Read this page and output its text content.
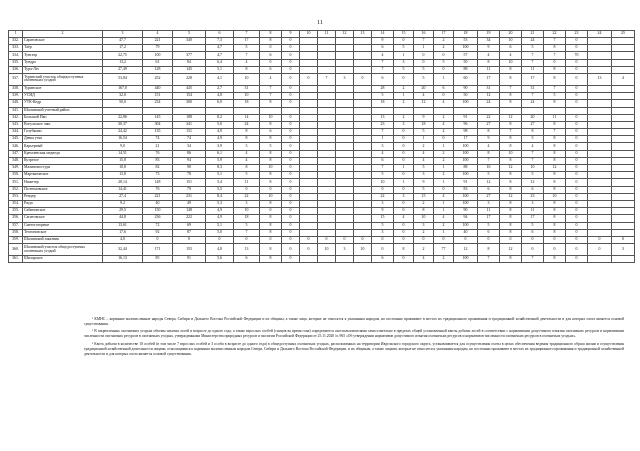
11
1	2	3	4	5	6	7	8	9	10	11	12	13	14	15	16	17	18	19	20	21	22	23	24	25
332.	Саратовское	47,7	221	340	7,3	17	8	0					9	0	7	2	53	34	10	24	7	0		
333.	Таёр	17,2	79		4,7	5	0	0					6	5	1	2	100	9	6	5	8	0		
334.	Тунгатр	22,75	100	377	4,7	7	6	0					4	1	0	0	57	4	4	7	7	70		
335.	Тундра	13,2	61	84	6,4	4	0	0					7	3	0	5	50	8	10	7	0	0		
336.	Тура-Лес	27,49	128	145	5,1	8	6	0					7	5	5	0	88	11	8	11	8	0		
337.	Туринский участок общедоступных охотничьих угодий	53,84	252	228	4,1	10	4	0	0	7	3	0	6	0	5	1	60	17	8	17	8	0	13	4
338.	Туринское	167,0	440	445	2,7	31	7	0					28	2	20	6	90	31	7	31	7	0		
339.	УСНД	32,0	151	154	4,8	10	7	0					5	1	4	0	50	12	8	7	5	0		
340.	УТК-Кедр	50,0	234	300	6,0	18	8	0					18	2	12	4	100	24	8	24	8	0		
341.	Шалинский учетный район																							
342.	Большой Пап	22,86	145	188	8,2	14	10	0					13	2	9	2	91	22	12	20	11	0		
343.	Вогульское чаш	30,37	304	341	5,0	24	8	0					23	3	18	4	96	27	8	27	8	0		
344.	Голубкино	24,42	135	131	4,9	8	6	0					7	0	5	2	98	8	7	8	7	0		
345.	Девка утка	16,54	74	74	4,9	8	8	0					1	0	1	0	17	9	8	5	8	0		
346.	Карьерный	9,0	21	34	3,9	3	5	0					3	0	2	1	100	4	8	4	8	0		
347.	Кремлевская медведя	14,51	76	86	6,1	4	8	0					4	0	4	2	100	8	10	7	8	0		
348.	Кузрезое	15,8	83	94	5,9	4	8	0					6	0	4	2	100	7	8	7	8	0		
349.	Малиновостура	10,8	82	90	8,3	8	10	0					7	1	5	1	88	10	12	10	12	0		
350.	Мартыновское	13,8	73	78	5,1	5	8	0					5	0	3	2	100	5	8	5	8	0		
351.	Нижетер	28,14	148	151	5,4	11	8	0					10	1	9	1	91	12	8	12	8	0		
352.	Полтомовское	14,41	76	79	5,5	0	0	0					0	0	5	0	83	6	8	6	8	0		
353.	Рендер	27,4	221	231	8,4	22	10	0					22	3	15	4	100	27	12	23	10	0		
354.	Ржда	9,2	40	49	5,3	3	8	0					3	0	2	1	100	3	8	3	8	0		
355.	Сабиновское	29,5	150	148	4,9	10	0	0					9	0	8	1	90	11	8	11	8	0		
356.	Сагитовское	44,8	236	222	4,9	18	8	0					15	4	10	4	94	17	8	17	8	0		
357.	Сметоготорние	13,61	72	69	5,1	5	8	0					5	0	3	2	100	5	8	5	8	0		
358.	Техтоновское	17,6	92	87	5,0	7	8	0					3	0	2	1	40	6	8	6	8	0		
359.	Шалинский заказник	4,0	0	0	0	0	0	0	0	0	0	0	0	0	0	0	0	0	0	0	0	0	0	0
360.	Шалинский участок общедоступных охотничьих угодий	32,44	171	155	4,8	13	8	0	0	10	3	10	0	8	2	77	12	8	12	0	0	0	0	3
361.	Шиларское	16,13	85	91	5,6	6	8	0					6	0	4	2	100	7	8	7	8	0		

¹ КМНС – коренные малочисленные народы Севера, Сибири и Дальнего Востока Российской Федерации и их общины, а также лица, которые не относятся к указанным народам, но постоянно проживают в местах их традиционного проживания и традиционной хозяйственной деятельности и для которых охота является основой существования.

² В закрепленных охотничьих угодьях объемы изъятия лосей в возрасте до одного года, а также взрослых особей (самцов во время гона) определяются охотпользователями самостоятельно в пределах общей установленной квоты добычи лосей в соответствии с нормативами допустимого изъятия охотничьих ресурсов и нормативами численности охотничьих ресурсов в охотничьих угодьях, утвержденными Министерства природных ресурсов и экологии Российской Федерации от 25.11.2020 № 965 «Об утверждении нормативов допустимого изъятия охотничьих ресурсов и нормативов численности охотничьих ресурсов в охотничьих угодьях».

³ Квота добычи в количестве 10 особей (в том числе 7 взрослых особей и 3 особи в возрасте до одного года) в общедоступных охотничьих угодьях, расположенных на территории Ивдельского городского округа, устанавливается для осуществления охоты в целях обеспечения ведения традиционного образа жизни и осуществления традиционной хозяйственной деятельности лицами, относящимися к коренным малочисленным народам Севера, Сибири и Дальнего Востока Российской Федерации, и их общинам, а также лицами, которые не относятся к указанным народам, но постоянно проживают в местах их традиционного проживания и традиционной хозяйственной деятельности и для которых охота является основой существования.
